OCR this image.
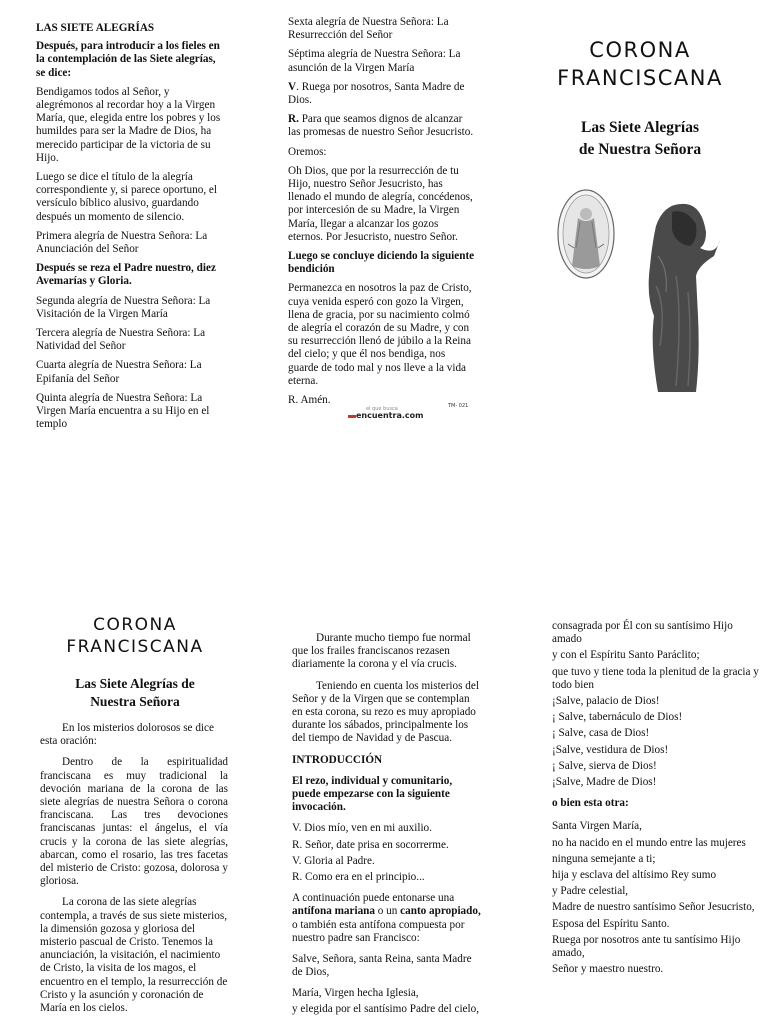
LAS SIETE ALEGRÍAS

Después, para introducir a los fieles en la contemplación de las Siete alegrías, se dice:

Bendigamos todos al Señor, y alegrémonos al recordar hoy a la Virgen María, que, elegida entre los pobres y los humildes para ser la Madre de Dios, ha merecido participar de la victoria de su Hijo.

Luego se dice el título de la alegría correspondiente y, si parece oportuno, el versículo bíblico alusivo, guardando después un momento de silencio.

Primera alegría de Nuestra Señora: La Anunciación del Señor

Después se reza el Padre nuestro, diez Avemarías y Gloria.

Segunda alegría de Nuestra Señora: La Visitación de la Virgen María

Tercera alegría de Nuestra Señora: La Natividad del Señor

Cuarta alegría de Nuestra Señora: La Epifanía del Señor

Quinta alegría de Nuestra Señora: La Virgen María encuentra a su Hijo en el templo

Sexta alegría de Nuestra Señora: La Resurrección del Señor

Séptima alegría de Nuestra Señora: La asunción de la Virgen María

V. Ruega por nosotros, Santa Madre de Dios.

R. Para que seamos dignos de alcanzar las promesas de nuestro Señor Jesucristo.

Oremos:

Oh Dios, que por la resurrección de tu Hijo, nuestro Señor Jesucristo, has llenado el mundo de alegría, concédenos, por intercesión de su Madre, la Virgen María, llegar a alcanzar los gozos eternos. Por Jesucristo, nuestro Señor.

Luego se concluye diciendo la siguiente bendición

Permanezca en nosotros la paz de Cristo, cuya venida esperó con gozo la Virgen, llena de gracia, por su nacimiento colmó de alegría el corazón de su Madre, y con su resurrección llenó de júbilo a la Reina del cielo; y que él nos bendiga, nos guarde de todo mal y nos lleve a la vida eterna.

R. Amén.	TM- 021
el que busca
encuentra.com
CORONA
FRANCISCANA
Las Siete Alegrías
de Nuestra Señora
CORONA
FRANCISCANA
Las Siete Alegrías de
Nuestra Señora

En los misterios dolorosos se dice esta oración:

Dentro de la espiritualidad franciscana es muy tradicional la devoción mariana de la corona de las siete alegrías de nuestra Señora o corona franciscana. Las tres devociones franciscanas juntas: el ángelus, el vía crucis y la corona de las siete alegrías, abarcan, como el rosario, las tres facetas del misterio de Cristo: gozosa, dolorosa y gloriosa.

La corona de las siete alegrías contempla, a través de sus siete misterios, la dimensión gozosa y gloriosa del misterio pascual de Cristo. Tenemos la anunciación, la visitación, el nacimiento de Cristo, la visita de los magos, el encuentro en el templo, la resurrección de Cristo y la asunción y coronación de María en los cielos.

Durante mucho tiempo fue normal que los frailes franciscanos rezasen diariamente la corona y el vía crucis.

Teniendo en cuenta los misterios del Señor y de la Virgen que se contemplan en esta corona, su rezo es muy apropiado durante los sábados, principalmente los del tiempo de Navidad y de Pascua.

INTRODUCCIÓN

El rezo, individual y comunitario, puede empezarse con la siguiente invocación.

V. Dios mío, ven en mi auxilio.

R. Señor, date prisa en socorrerme.

V. Gloria al Padre.

R. Como era en el principio...

A continuación puede entonarse una antífona mariana o un canto apropiado, o también esta antífona compuesta por nuestro padre san Francisco:

Salve, Señora, santa Reina, santa Madre de Dios,

María, Virgen hecha Iglesia,

y elegida por el santísimo Padre del cielo,

consagrada por Él con su santísimo Hijo amado

y con el Espíritu Santo Paráclito;

que tuvo y tiene toda la plenitud de la gracia y todo bien

¡Salve, palacio de Dios!

¡ Salve, tabernáculo de Dios!

¡ Salve, casa de Dios!

¡Salve, vestidura de Dios!

¡ Salve, sierva de Dios!

¡Salve, Madre de Dios!

o bien esta otra:

Santa Virgen María,

no ha nacido en el mundo entre las mujeres

ninguna semejante a ti;

hija y esclava del altísimo Rey sumo

y Padre celestial,

Madre de nuestro santísimo Señor Jesucristo,

Esposa del Espíritu Santo.

Ruega por nosotros ante tu santísimo Hijo amado,

Señor y maestro nuestro.
